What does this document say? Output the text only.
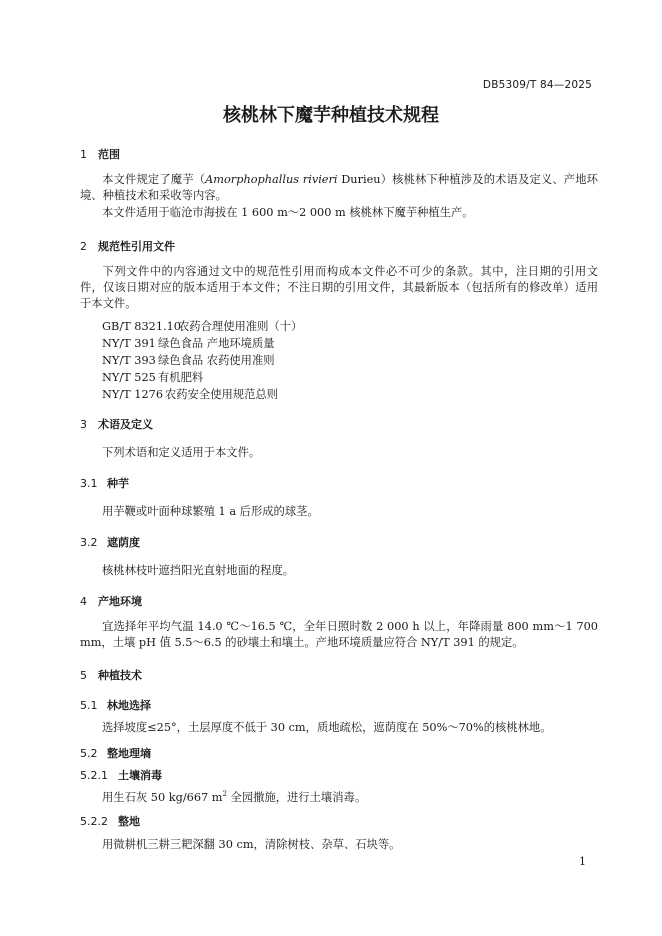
DB5309/T 84—2025
核桃林下魔芋种植技术规程
1 范围
本文件规定了魔芋（Amorphophallus rivieri Durieu）核桃林下种植涉及的术语及定义、产地环境、种植技术和采收等内容。
本文件适用于临沧市海拔在 1 600 m～2 000 m 核桃林下魔芋种植生产。
2 规范性引用文件
下列文件中的内容通过文中的规范性引用而构成本文件必不可少的条款。其中，注日期的引用文件，仅该日期对应的版本适用于本文件；不注日期的引用文件，其最新版本（包括所有的修改单）适用于本文件。
GB/T 8321.10农药合理使用准则（十）
NY/T 391 绿色食品 产地环境质量
NY/T 393 绿色食品 农药使用准则
NY/T 525 有机肥料
NY/T 1276 农药安全使用规范总则
3 术语及定义
下列术语和定义适用于本文件。
3.1 种芋
用芋鞭或叶面种球繁殖 1 a 后形成的球茎。
3.2 遮荫度
核桃林枝叶遮挡阳光直射地面的程度。
4 产地环境
宜选择年平均气温 14.0 ℃～16.5 ℃，全年日照时数 2 000 h 以上，年降雨量 800 mm～1 700 mm，土壤 pH 值 5.5～6.5 的砂壤土和壤土。产地环境质量应符合 NY/T 391 的规定。
5 种植技术
5.1 林地选择
选择坡度≤25°，土层厚度不低于 30 cm，质地疏松，遮荫度在 50%～70%的核桃林地。
5.2 整地理墒
5.2.1 土壤消毒
用生石灰 50 kg/667 $m^2$ 全园撒施，进行土壤消毒。
5.2.2 整地
用微耕机三耕三耙深翻 30 cm，清除树枝、杂草、石块等。
1
